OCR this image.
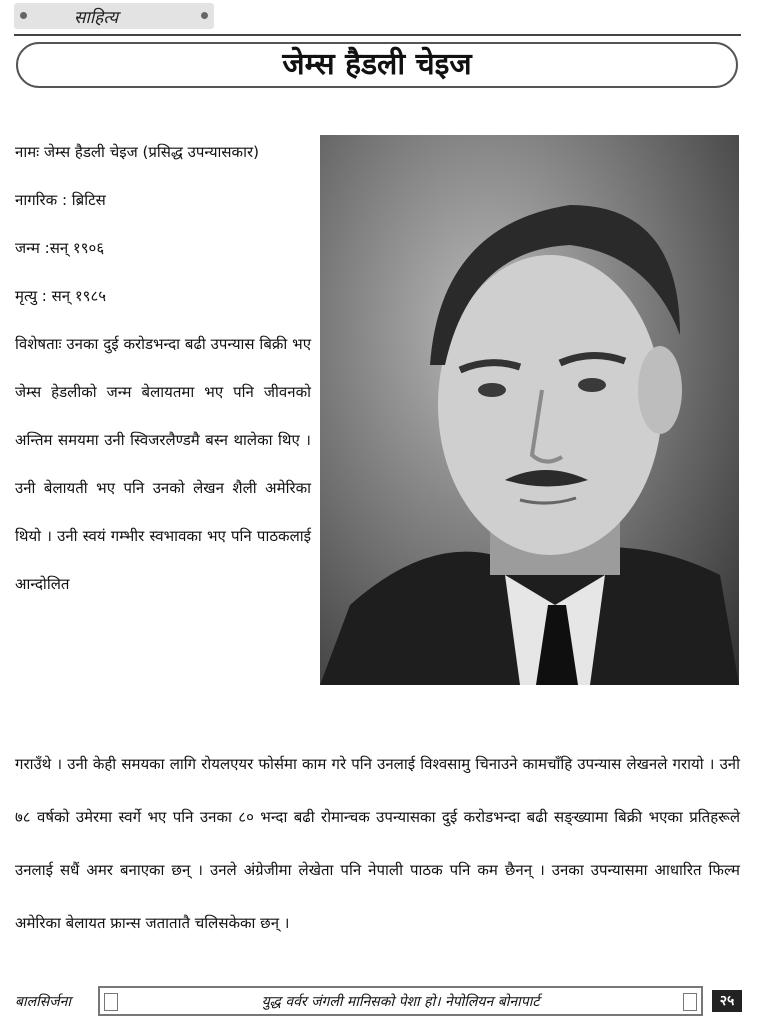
साहित्य
जेम्स हैडली चेइज

नामः जेम्स हैडली चेइज (प्रसिद्ध उपन्यासकार)

नागरिक : ब्रिटिस

जन्म :सन् १९०६

मृत्यु : सन् १९८५

विशेषताः उनका दुई करोडभन्दा बढी उपन्यास बिक्री भए जेम्स हेडलीको जन्म बेलायतमा भए पनि जीवनको अन्तिम समयमा उनी स्विजरलैण्डमै बस्न थालेका थिए । उनी बेलायती भए पनि उनको लेखन शैली अमेरिका थियो । उनी स्वयं गम्भीर स्वभावका भए पनि पाठकलाई आन्दोलित

गराउँथे । उनी केही समयका लागि रोयलएयर फोर्समा काम गरे पनि उनलाई विश्वसामु चिनाउने कामचाँहि उपन्यास लेखनले गरायो । उनी ७८ वर्षको उमेरमा स्वर्गे भए पनि उनका ८० भन्दा बढी रोमान्चक उपन्यासका दुई करोडभन्दा बढी सङ्ख्यामा बिक्री भएका प्रतिहरूले उनलाई सधैं अमर बनाएका छन् । उनले अंग्रेजीमा लेखेता पनि नेपाली पाठक पनि कम छैनन् । उनका उपन्यासमा आधारित फिल्म अमेरिका बेलायत फ्रान्स जतातातै चलिसकेका छन् ।
बालसिर्जना	युद्ध वर्वर जंगली मानिसको पेशा हो। नेपोलियन बोनापार्ट	२५
